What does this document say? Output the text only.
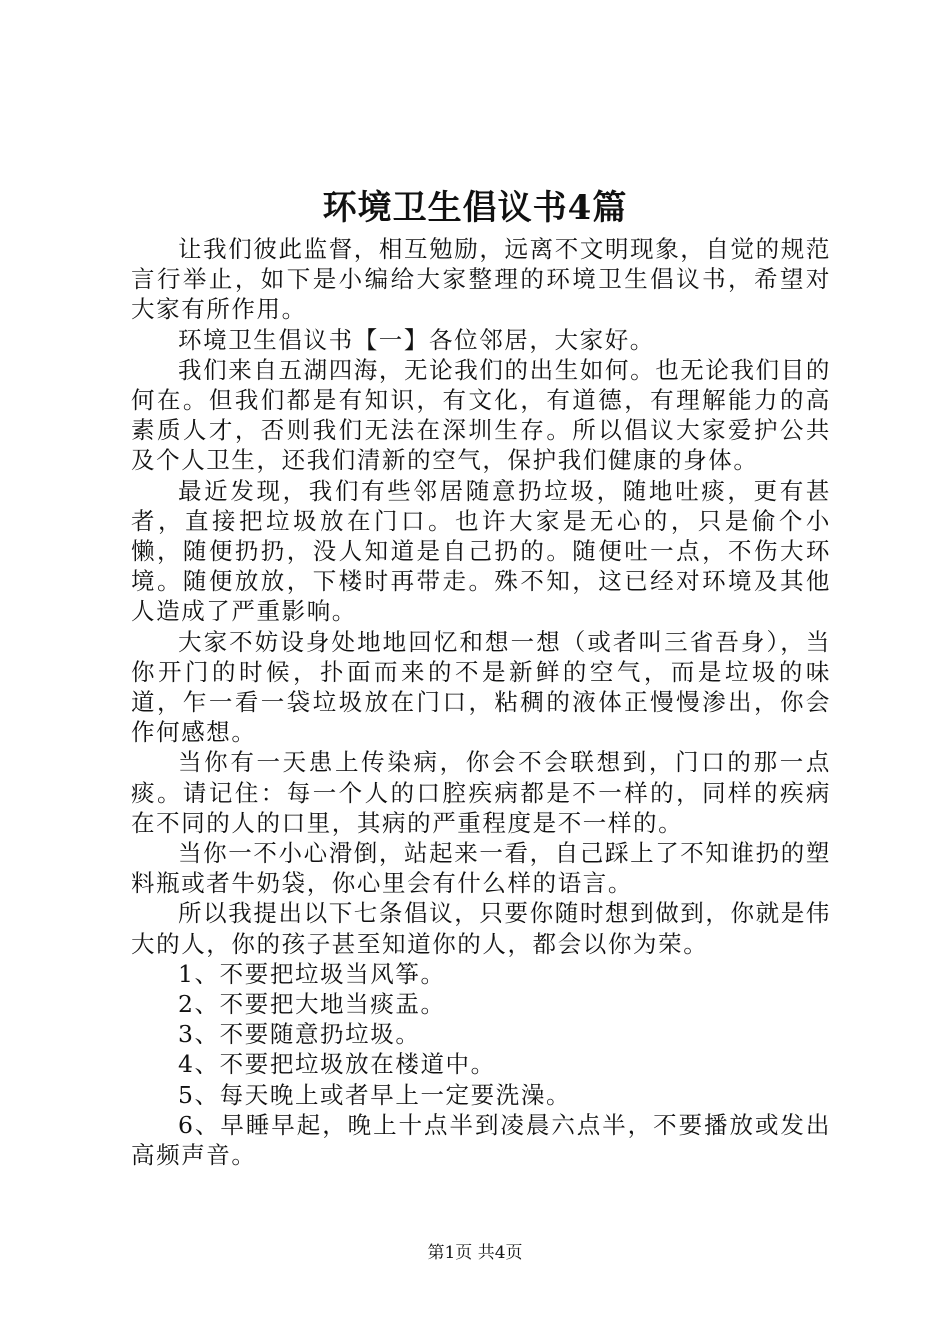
环境卫生倡议书4篇

让我们彼此监督，相互勉励，远离不文明现象，自觉的规范言行举止，如下是小编给大家整理的环境卫生倡议书，希望对大家有所作用。

环境卫生倡议书【一】各位邻居，大家好。

我们来自五湖四海，无论我们的出生如何。也无论我们目的何在。但我们都是有知识，有文化，有道德，有理解能力的高素质人才，否则我们无法在深圳生存。所以倡议大家爱护公共及个人卫生，还我们清新的空气，保护我们健康的身体。

最近发现，我们有些邻居随意扔垃圾，随地吐痰，更有甚者，直接把垃圾放在门口。也许大家是无心的，只是偷个小懒，随便扔扔，没人知道是自己扔的。随便吐一点，不伤大环境。随便放放，下楼时再带走。殊不知，这已经对环境及其他人造成了严重影响。

大家不妨设身处地地回忆和想一想（或者叫三省吾身），当你开门的时候，扑面而来的不是新鲜的空气，而是垃圾的味道，乍一看一袋垃圾放在门口，粘稠的液体正慢慢渗出，你会作何感想。

当你有一天患上传染病，你会不会联想到，门口的那一点痰。请记住：每一个人的口腔疾病都是不一样的，同样的疾病在不同的人的口里，其病的严重程度是不一样的。

当你一不小心滑倒，站起来一看，自己踩上了不知谁扔的塑料瓶或者牛奶袋，你心里会有什么样的语言。

所以我提出以下七条倡议，只要你随时想到做到，你就是伟大的人，你的孩子甚至知道你的人，都会以你为荣。

1、不要把垃圾当风筝。

2、不要把大地当痰盂。

3、不要随意扔垃圾。

4、不要把垃圾放在楼道中。

5、每天晚上或者早上一定要洗澡。

6、早睡早起，晚上十点半到凌晨六点半，不要播放或发出高频声音。

第1页 共4页
